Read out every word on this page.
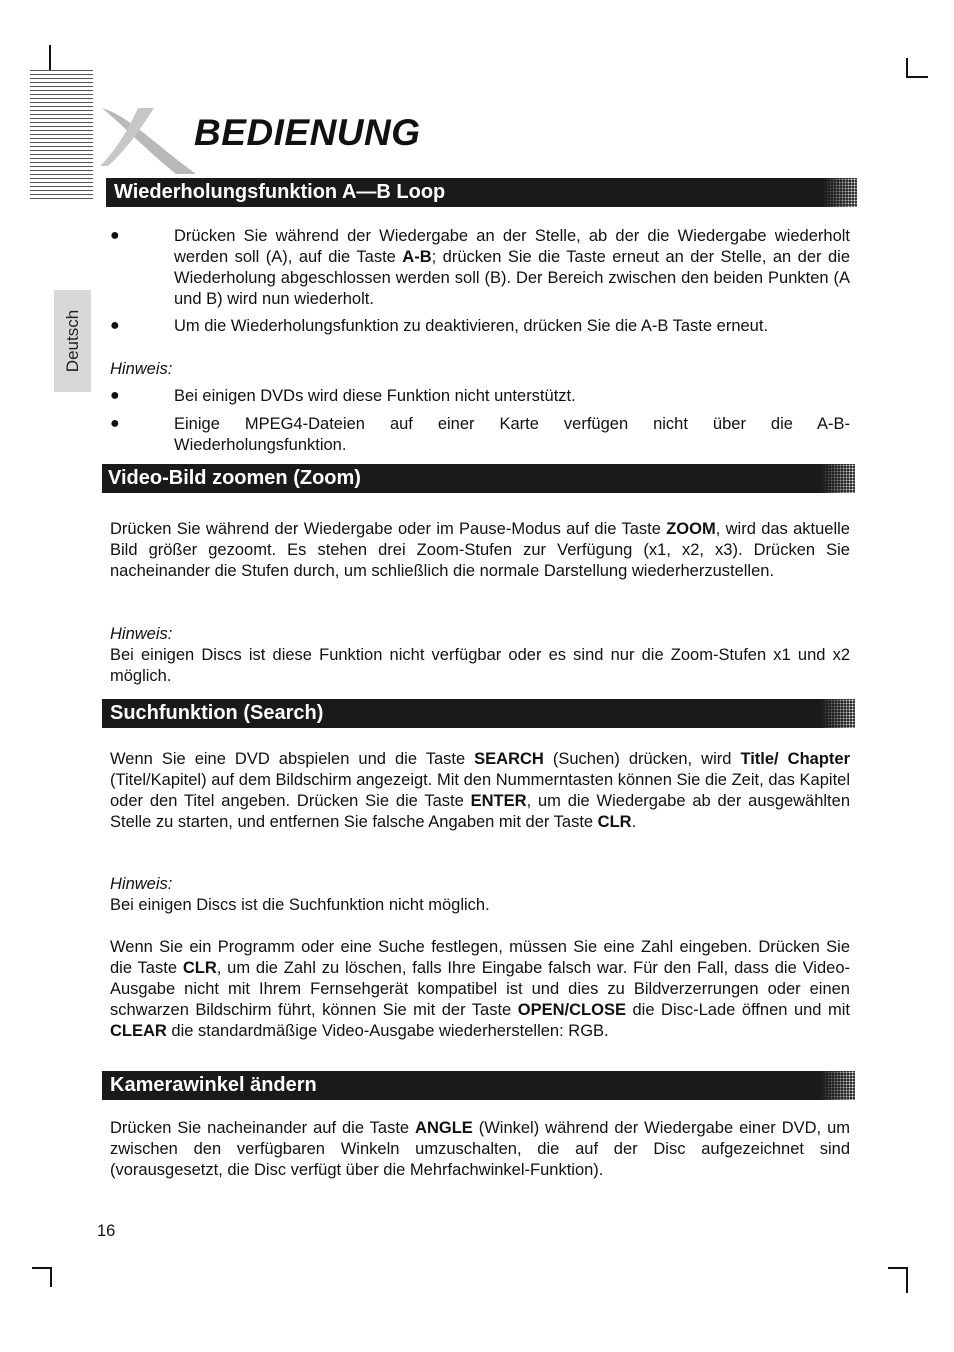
BEDIENUNG
Deutsch
Wiederholungsfunktion A—B Loop
●	Drücken Sie während der Wiedergabe an der Stelle, ab der die Wiedergabe wiederholt werden soll (A), auf die Taste A-B; drücken Sie die Taste erneut an der Stelle, an der die Wiederholung abgeschlossen werden soll (B). Der Bereich zwischen den beiden Punkten (A und B) wird nun wiederholt.
●	Um die Wiederholungsfunktion zu deaktivieren, drücken Sie die A-B Taste erneut.
Hinweis:
●	Bei einigen DVDs wird diese Funktion nicht unterstützt.
●	Einige MPEG4-Dateien auf einer Karte verfügen nicht über die A-B-Wiederholungsfunktion.
Video-Bild zoomen (Zoom)
Drücken Sie während der Wiedergabe oder im Pause-Modus auf die Taste ZOOM, wird das aktuelle Bild größer gezoomt. Es stehen drei Zoom-Stufen zur Verfügung (x1, x2, x3). Drücken Sie nacheinander die Stufen durch, um schließlich die normale Darstellung wiederherzustellen.
Hinweis:
Bei einigen Discs ist diese Funktion nicht verfügbar oder es sind nur die Zoom-Stufen x1 und x2 möglich.
Suchfunktion (Search)
Wenn Sie eine DVD abspielen und die Taste SEARCH (Suchen) drücken, wird Title/ Chapter (Titel/Kapitel) auf dem Bildschirm angezeigt. Mit den Nummerntasten können Sie die Zeit, das Kapitel oder den Titel angeben. Drücken Sie die Taste ENTER, um die Wiedergabe ab der ausgewählten Stelle zu starten, und entfernen Sie falsche Angaben mit der Taste CLR.
Hinweis:
Bei einigen Discs ist die Suchfunktion nicht möglich.
Wenn Sie ein Programm oder eine Suche festlegen, müssen Sie eine Zahl eingeben. Drücken Sie die Taste CLR, um die Zahl zu löschen, falls Ihre Eingabe falsch war. Für den Fall, dass die Video-Ausgabe nicht mit Ihrem Fernsehgerät kompatibel ist und dies zu Bildverzerrungen oder einen schwarzen Bildschirm führt, können Sie mit der Taste OPEN/CLOSE die Disc-Lade öffnen und mit CLEAR die standardmäßige Video-Ausgabe wiederherstellen: RGB.
Kamerawinkel ändern
Drücken Sie nacheinander auf die Taste ANGLE (Winkel) während der Wiedergabe einer DVD, um zwischen den verfügbaren Winkeln umzuschalten, die auf der Disc aufgezeichnet sind (vorausgesetzt, die Disc verfügt über die Mehrfachwinkel-Funktion).
16
